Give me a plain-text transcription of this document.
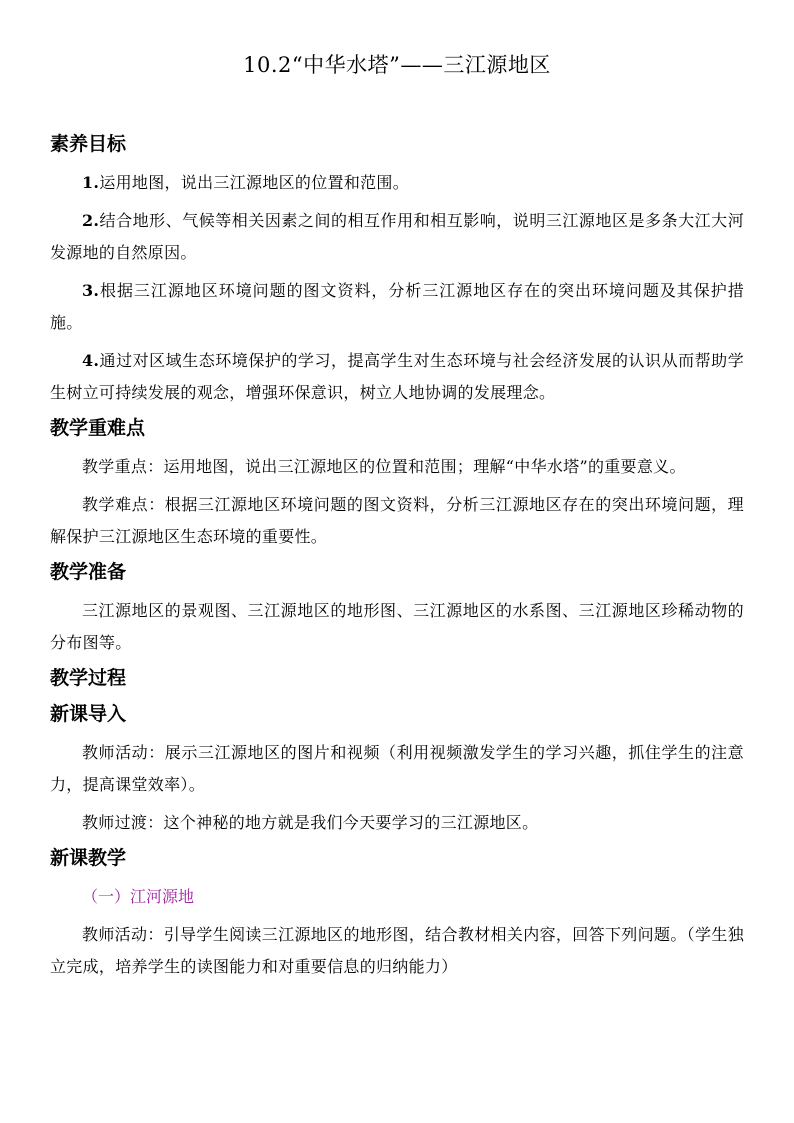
10.2“中华水塔”——三江源地区
素养目标

1.运用地图，说出三江源地区的位置和范围。

2.结合地形、气候等相关因素之间的相互作用和相互影响，说明三江源地区是多条大江大河发源地的自然原因。

3.根据三江源地区环境问题的图文资料，分析三江源地区存在的突出环境问题及其保护措施。

4.通过对区域生态环境保护的学习，提高学生对生态环境与社会经济发展的认识从而帮助学生树立可持续发展的观念，增强环保意识，树立人地协调的发展理念。

教学重难点

教学重点：运用地图，说出三江源地区的位置和范围；理解“中华水塔”的重要意义。

教学难点：根据三江源地区环境问题的图文资料，分析三江源地区存在的突出环境问题，理解保护三江源地区生态环境的重要性。

教学准备

三江源地区的景观图、三江源地区的地形图、三江源地区的水系图、三江源地区珍稀动物的分布图等。

教学过程
新课导入

教师活动：展示三江源地区的图片和视频（利用视频激发学生的学习兴趣，抓住学生的注意力，提高课堂效率）。

教师过渡：这个神秘的地方就是我们今天要学习的三江源地区。

新课教学
（一）江河源地

教师活动：引导学生阅读三江源地区的地形图，结合教材相关内容，回答下列问题。（学生独立完成，培养学生的读图能力和对重要信息的归纳能力）
